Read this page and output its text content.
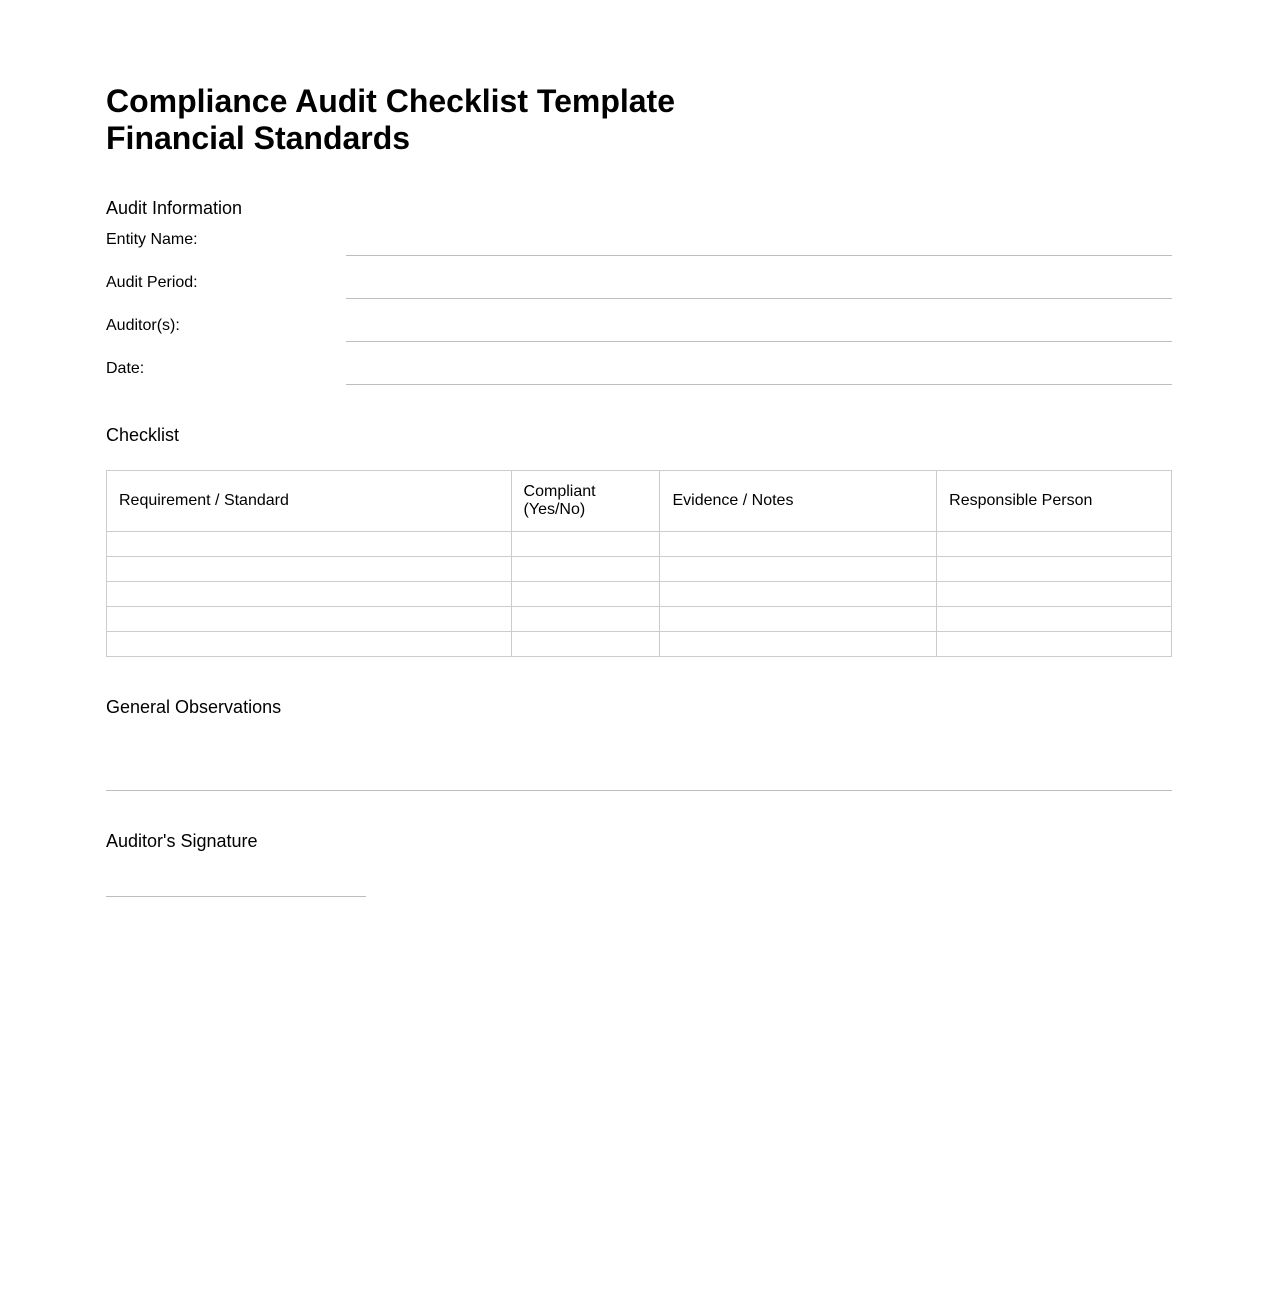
Compliance Audit Checklist Template
Financial Standards
Audit Information
Entity Name:
Audit Period:
Auditor(s):
Date:
Checklist
Requirement / Standard	Compliant (Yes/No)	Evidence / Notes	Responsible Person

General Observations
Auditor's Signature
